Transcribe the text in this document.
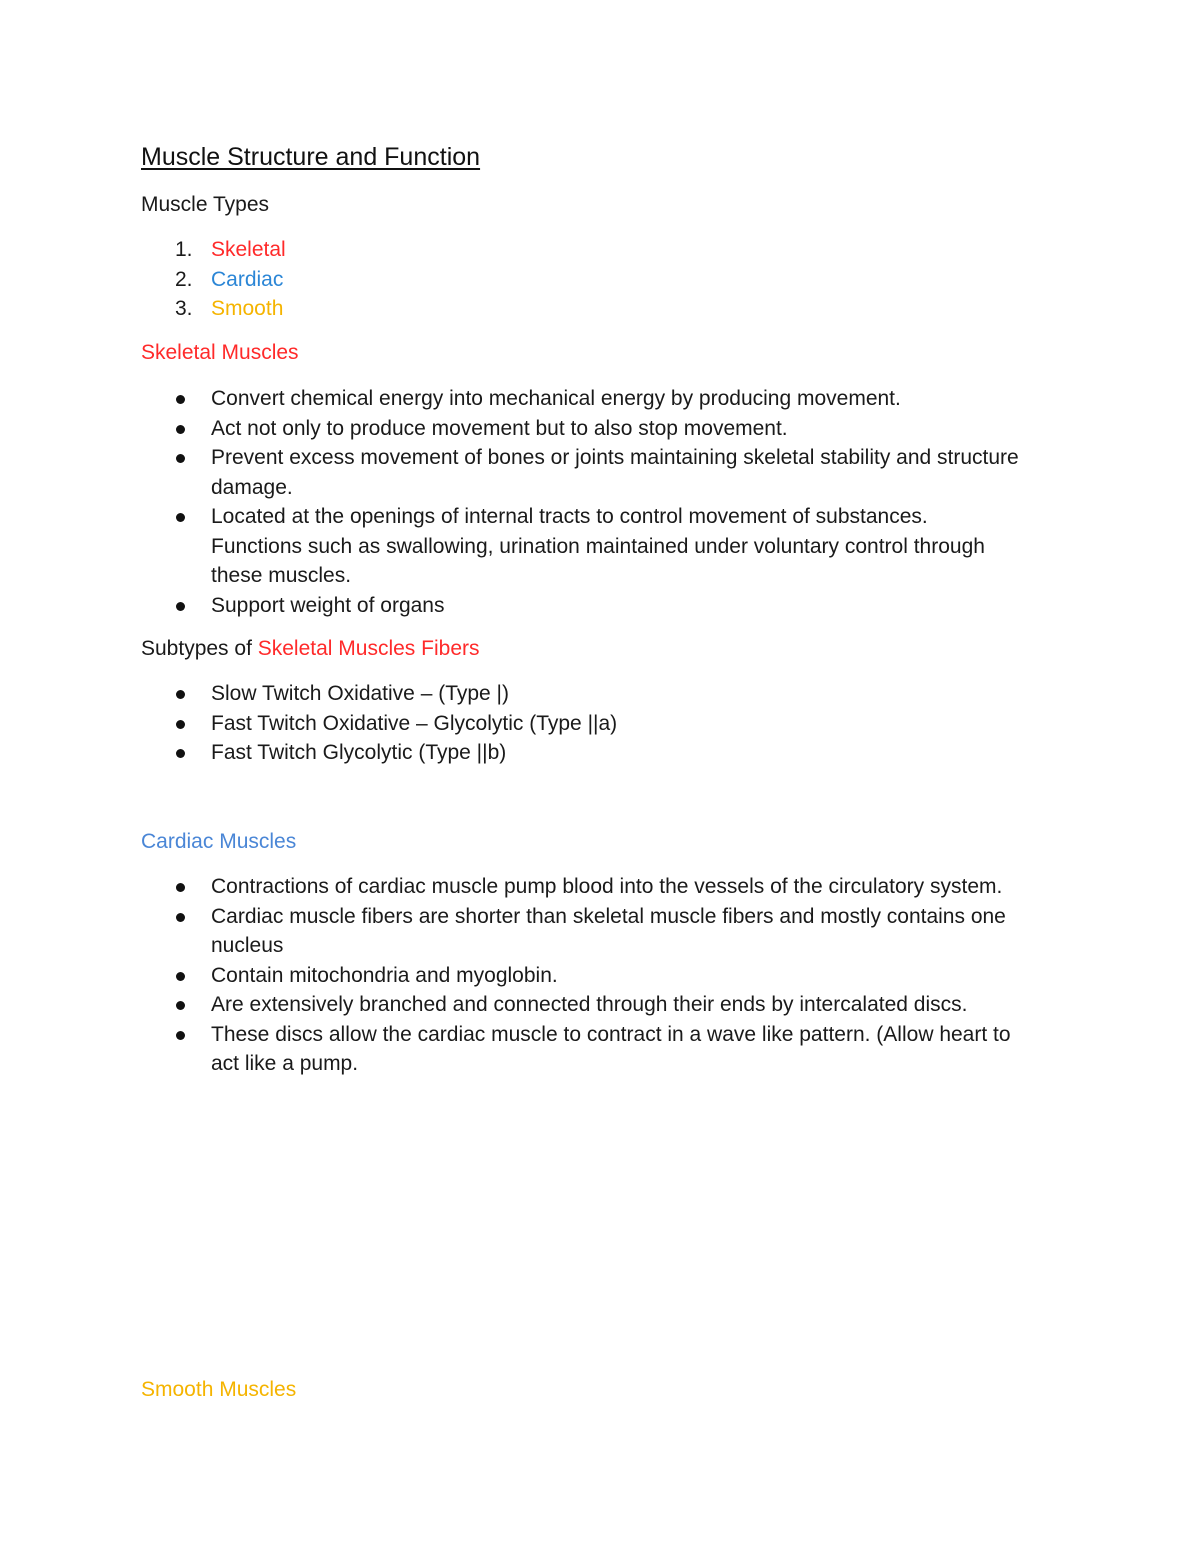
Muscle Structure and Function
Muscle Types
1. Skeletal
2. Cardiac
3. Smooth
Skeletal Muscles
Convert chemical energy into mechanical energy by producing movement.
Act not only to produce movement but to also stop movement.
Prevent excess movement of bones or joints maintaining skeletal stability and structure damage.
Located at the openings of internal tracts to control movement of substances. Functions such as swallowing, urination maintained under voluntary control through these muscles.
Support weight of organs
Subtypes of Skeletal Muscles Fibers
Slow Twitch Oxidative – (Type |)
Fast Twitch Oxidative – Glycolytic (Type ||a)
Fast Twitch Glycolytic (Type ||b)
Cardiac Muscles
Contractions of cardiac muscle pump blood into the vessels of the circulatory system.
Cardiac muscle fibers are shorter than skeletal muscle fibers and mostly contains one nucleus
Contain mitochondria and myoglobin.
Are extensively branched and connected through their ends by intercalated discs.
These discs allow the cardiac muscle to contract in a wave like pattern. (Allow heart to act like a pump.
Smooth Muscles
